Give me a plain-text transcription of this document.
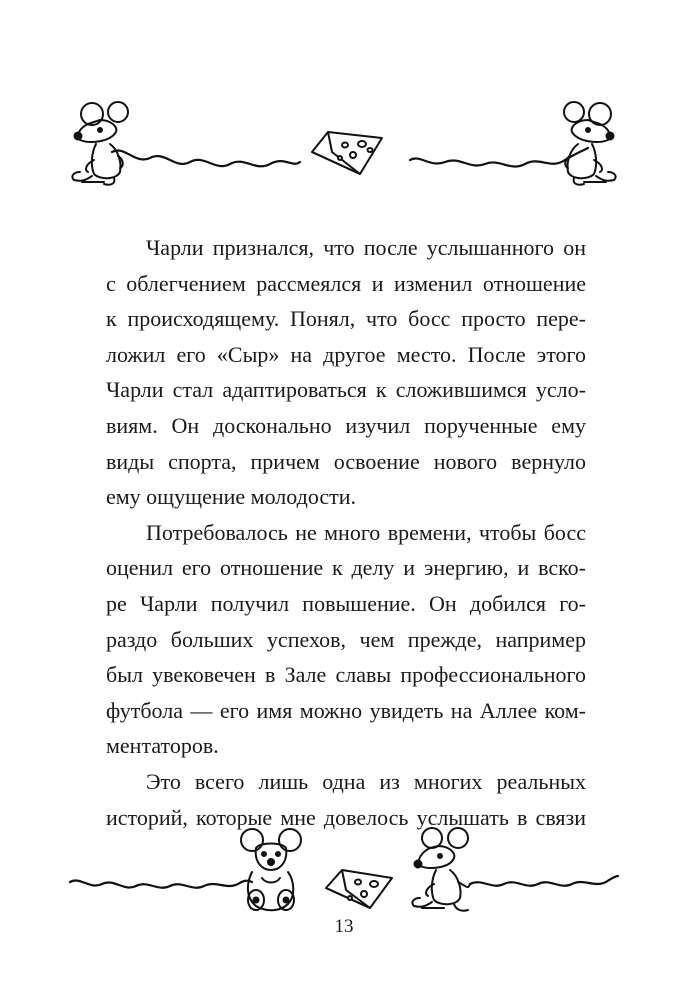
Чарли признался, что после услышанного он
с облегчением рассмеялся и изменил отношение
к происходящему. Понял, что босс просто пере-
ложил его «Сыр» на другое место. После этого
Чарли стал адаптироваться к сложившимся усло-
виям. Он досконально изучил порученные ему
виды спорта, причем освоение нового вернуло
ему ощущение молодости.

Потребовалось не много времени, чтобы босс
оценил его отношение к делу и энергию, и вско-
ре Чарли получил повышение. Он добился го-
раздо больших успехов, чем прежде, например
был увековечен в Зале славы профессионального
футбола — его имя можно увидеть на Аллее ком-
ментаторов.

Это всего лишь одна из многих реальных
историй, которые мне довелось услышать в связи

13
